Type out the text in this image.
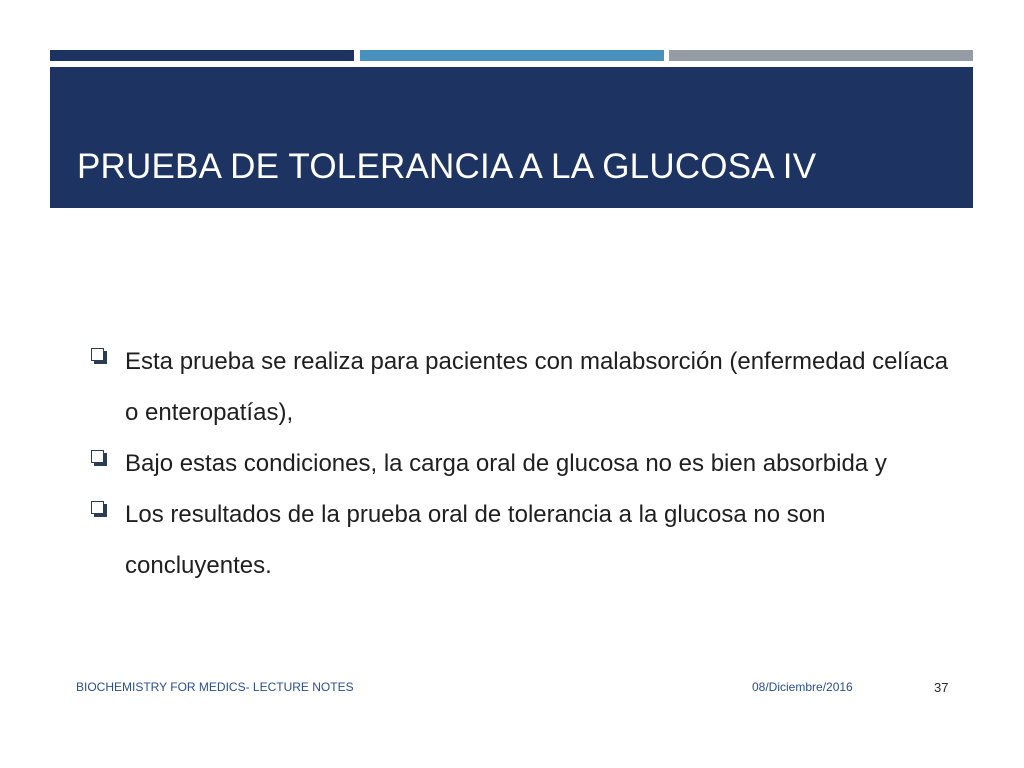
PRUEBA DE TOLERANCIA A LA GLUCOSA IV
Esta prueba se realiza para pacientes con malabsorción (enfermedad celíaca o enteropatías),
Bajo estas condiciones, la carga oral de glucosa no es bien absorbida y
Los resultados de la prueba oral de tolerancia a la glucosa no son concluyentes.

BIOCHEMISTRY FOR MEDICS- LECTURE NOTES	08/Diciembre/2016	37
